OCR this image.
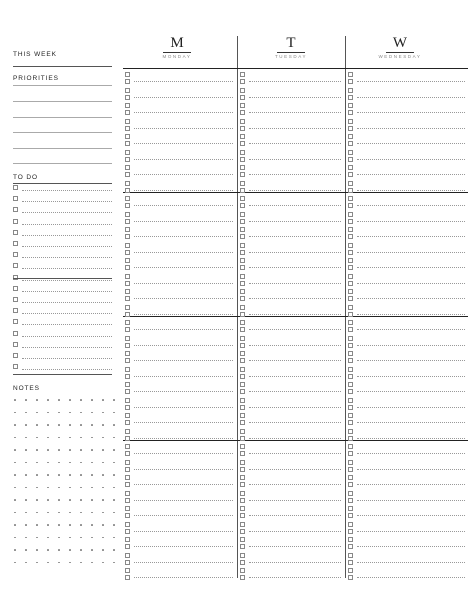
THIS WEEK
PRIORITIES
TO DO
NOTES
M
MONDAY
T
TUESDAY
W
WEDNESDAY
